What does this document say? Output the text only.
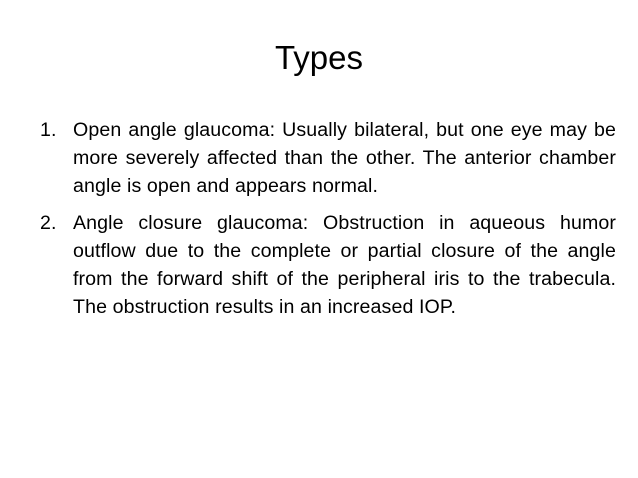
Types
1. Open angle glaucoma: Usually bilateral, but one eye may be more severely affected than the other. The anterior chamber angle is open and appears normal.
2. Angle closure glaucoma: Obstruction in aqueous humor outflow due to the complete or partial closure of the angle from the forward shift of the peripheral iris to the trabecula. The obstruction results in an increased IOP.
